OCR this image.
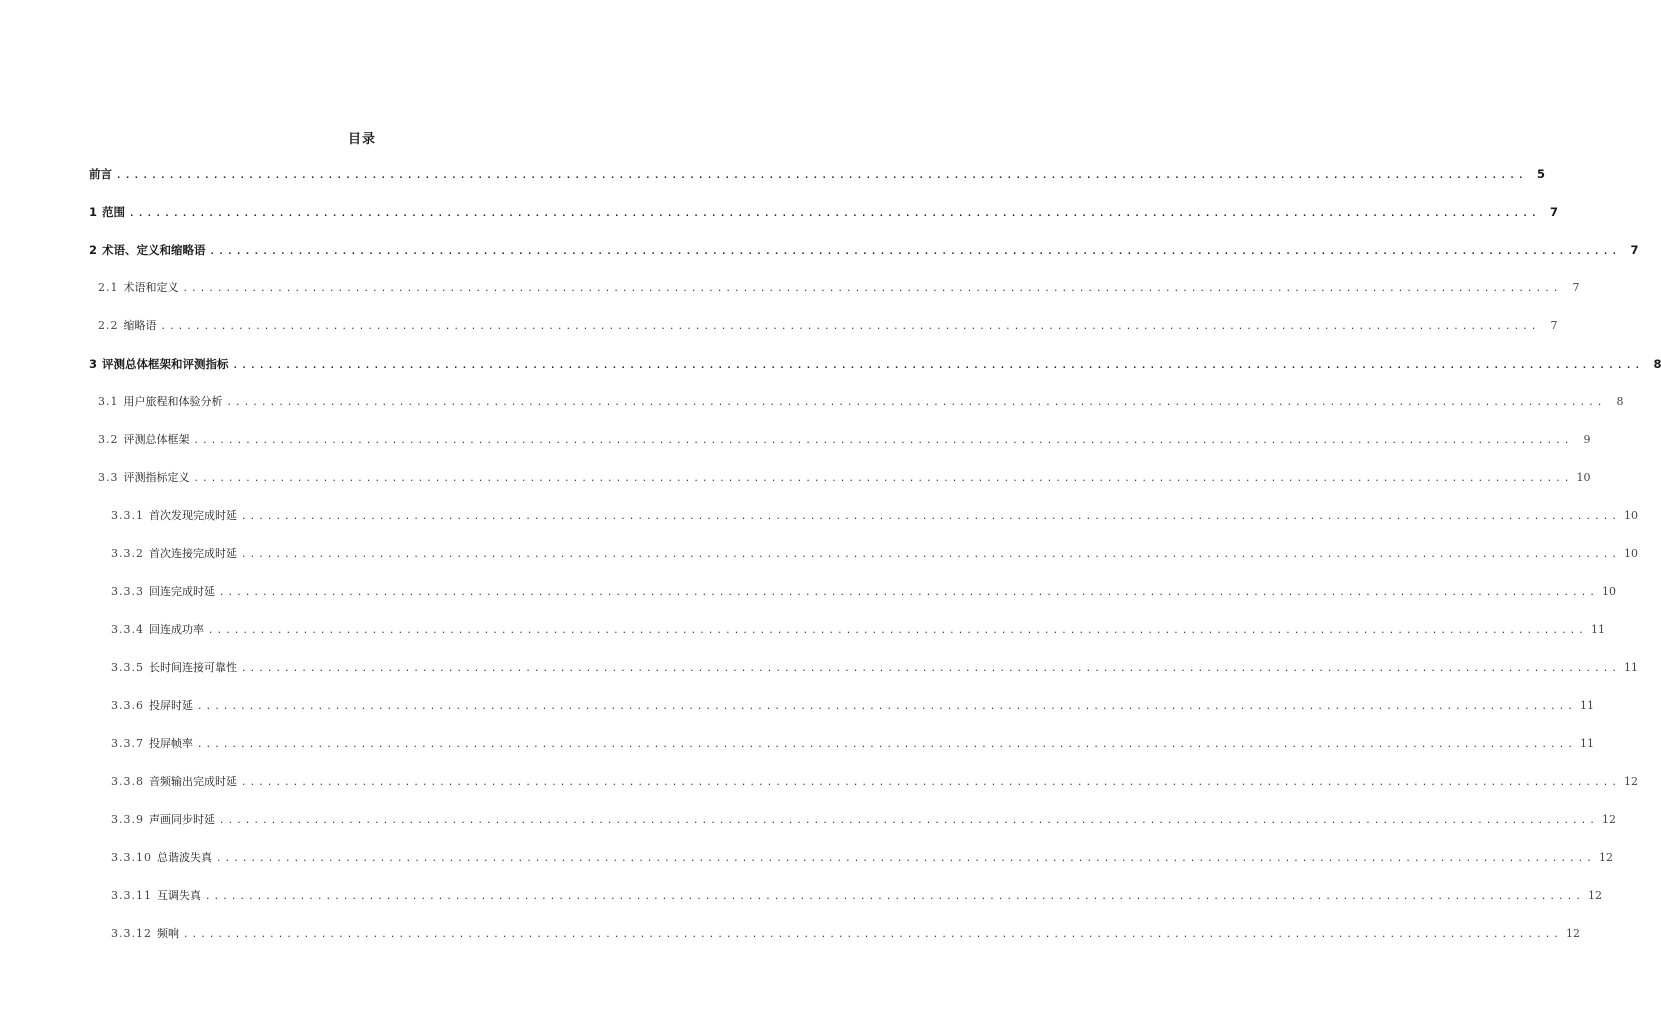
目录
前言 ................................................................................................................................................................ 5
1 范围 ................................................................................................................................................................ 7
2 术语、定义和缩略语 ................................................................................................................................................................ 7
2.1 术语和定义 ................................................................................................................................................................	7
2.2 缩略语 ................................................................................................................................................................	7
3 评测总体框架和评测指标 ................................................................................................................................................................ 8
3.1 用户旅程和体验分析 ................................................................................................................................................................	8
3.2 评测总体框架 ................................................................................................................................................................	9
3.3 评测指标定义 ................................................................................................................................................................ 10
3.3.1 首次发现完成时延 ................................................................................................................................................................ 10
3.3.2 首次连接完成时延 ................................................................................................................................................................ 10
3.3.3 回连完成时延 ................................................................................................................................................................ 10
3.3.4 回连成功率 ................................................................................................................................................................ 11
3.3.5 长时间连接可靠性 ................................................................................................................................................................ 11
3.3.6 投屏时延 ................................................................................................................................................................ 11
3.3.7 投屏帧率 ................................................................................................................................................................ 11
3.3.8 音频输出完成时延 ................................................................................................................................................................ 12
3.3.9 声画同步时延 ................................................................................................................................................................ 12
3.3.10 总谐波失真 ................................................................................................................................................................ 12
3.3.11 互调失真 ................................................................................................................................................................ 12
3.3.12 频响 ................................................................................................................................................................ 12
